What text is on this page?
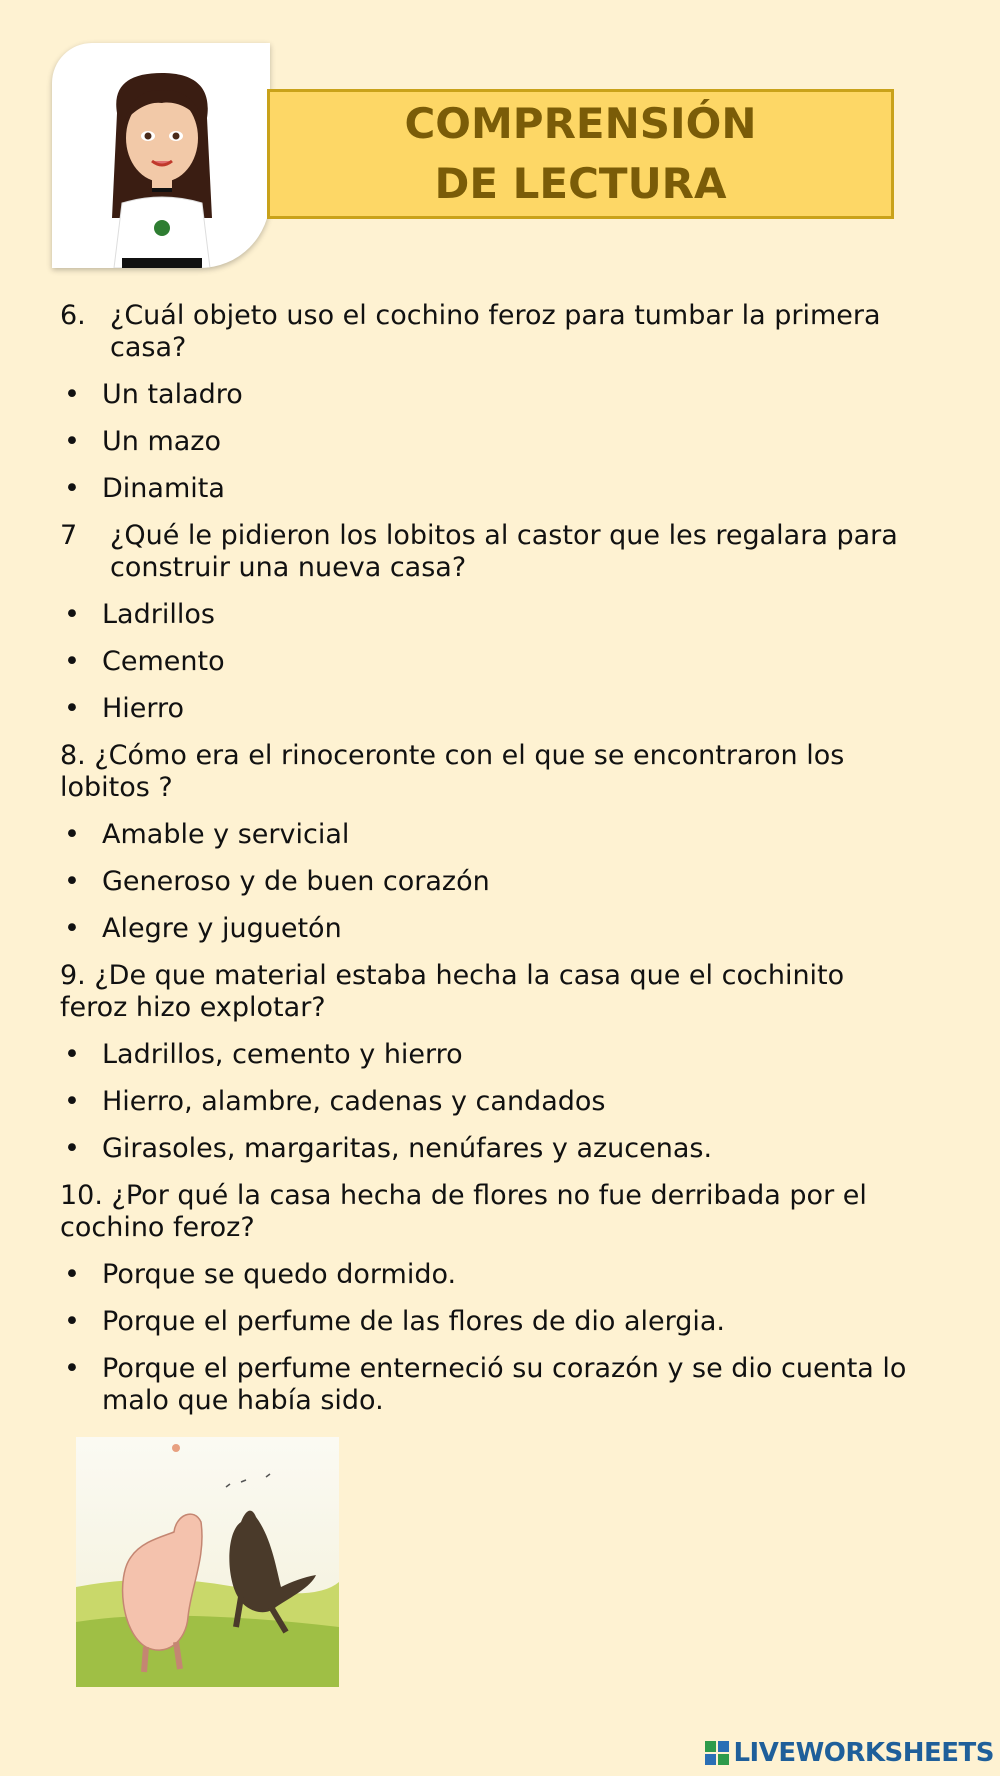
COMPRENSIÓN DE LECTURA
6. ¿Cuál objeto uso el cochino feroz para tumbar la primera casa?
• Un taladro
• Un mazo
• Dinamita
7	¿Qué le pidieron los lobitos al castor que les regalara para construir una nueva casa?
• Ladrillos
• Cemento
• Hierro
8. ¿Cómo era el rinoceronte con el que se encontraron los lobitos ?
• Amable y servicial
• Generoso y de buen corazón
• Alegre y juguetón
9. ¿De que material estaba hecha la casa que el cochinito feroz hizo explotar?
• Ladrillos, cemento y hierro
• Hierro, alambre, cadenas y candados
• Girasoles, margaritas, nenúfares y azucenas.
10. ¿Por qué la casa hecha de flores no fue derribada por el cochino feroz?
• Porque se quedo dormido.
• Porque el perfume de las flores de dio alergia.
• Porque el perfume enterneció su corazón y se dio cuenta lo malo que había sido.
LIVEWORKSHEETS
